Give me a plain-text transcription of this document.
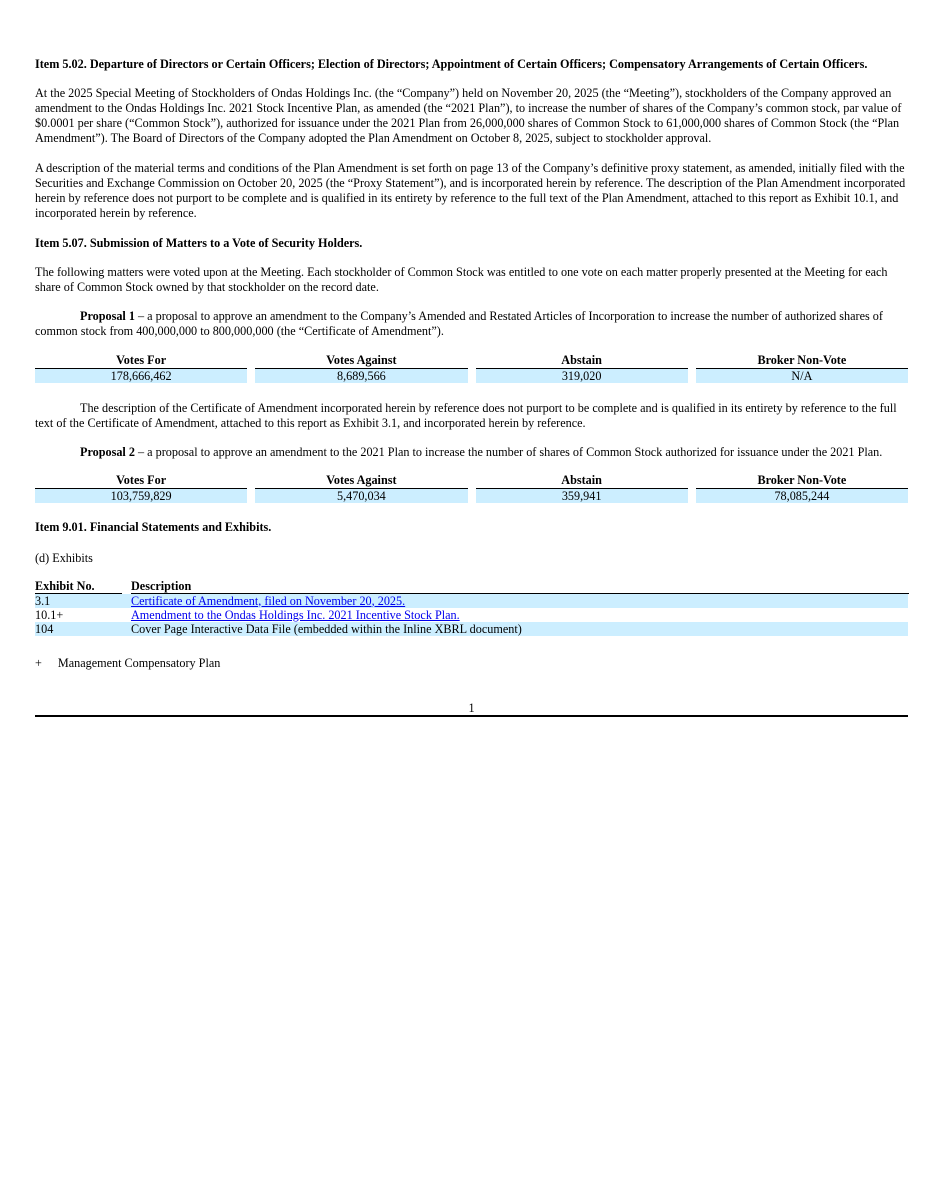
Item 5.02. Departure of Directors or Certain Officers; Election of Directors; Appointment of Certain Officers; Compensatory Arrangements of Certain Officers.

At the 2025 Special Meeting of Stockholders of Ondas Holdings Inc. (the “Company”) held on November 20, 2025 (the “Meeting”), stockholders of the Company approved an amendment to the Ondas Holdings Inc. 2021 Stock Incentive Plan, as amended (the “2021 Plan”), to increase the number of shares of the Company’s common stock, par value of $0.0001 per share (“Common Stock”), authorized for issuance under the 2021 Plan from 26,000,000 shares of Common Stock to 61,000,000 shares of Common Stock (the “Plan Amendment”). The Board of Directors of the Company adopted the Plan Amendment on October 8, 2025, subject to stockholder approval.

A description of the material terms and conditions of the Plan Amendment is set forth on page 13 of the Company’s definitive proxy statement, as amended, initially filed with the Securities and Exchange Commission on October 20, 2025 (the “Proxy Statement”), and is incorporated herein by reference. The description of the Plan Amendment incorporated herein by reference does not purport to be complete and is qualified in its entirety by reference to the full text of the Plan Amendment, attached to this report as Exhibit 10.1, and incorporated herein by reference.

Item 5.07. Submission of Matters to a Vote of Security Holders.

The following matters were voted upon at the Meeting. Each stockholder of Common Stock was entitled to one vote on each matter properly presented at the Meeting for each share of Common Stock owned by that stockholder on the record date.

Proposal 1 – a proposal to approve an amendment to the Company’s Amended and Restated Articles of Incorporation to increase the number of authorized shares of common stock from 400,000,000 to 800,000,000 (the “Certificate of Amendment”).

Votes For	Votes Against	Abstain	Broker Non-Vote
178,666,462	8,689,566	319,020	N/A

The description of the Certificate of Amendment incorporated herein by reference does not purport to be complete and is qualified in its entirety by reference to the full text of the Certificate of Amendment, attached to this report as Exhibit 3.1, and incorporated herein by reference.

Proposal 2 – a proposal to approve an amendment to the 2021 Plan to increase the number of shares of Common Stock authorized for issuance under the 2021 Plan.

Votes For	Votes Against	Abstain	Broker Non-Vote
103,759,829	5,470,034	359,941	78,085,244

Item 9.01. Financial Statements and Exhibits.

(d) Exhibits

Exhibit No.	Description
3.1	Certificate of Amendment, filed on November 20, 2025.
10.1+	Amendment to the Ondas Holdings Inc. 2021 Incentive Stock Plan.
104	Cover Page Interactive Data File (embedded within the Inline XBRL document)

+ Management Compensatory Plan

1
